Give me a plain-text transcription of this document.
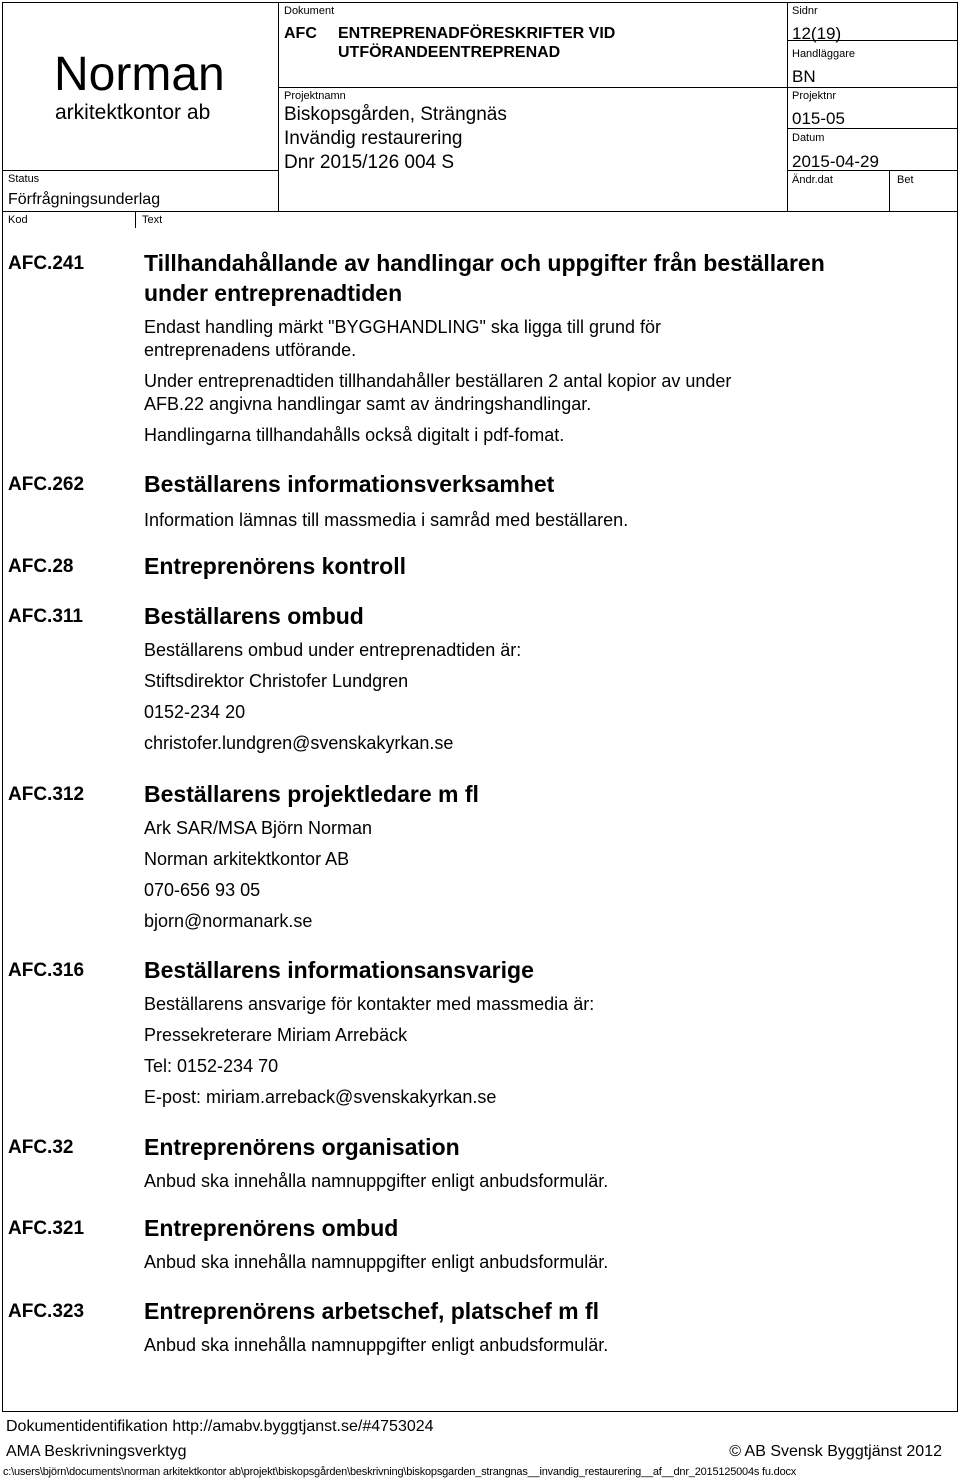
Norman
arkitektkontor ab
Status
Förfrågningsunderlag
Kod	Text
Dokument
AFC ENTREPRENADFÖRESKRIFTER VID
UTFÖRANDEENTREPRENAD
Projektnamn
Biskopsgården, Strängnäs
Invändig restaurering
Dnr 2015/126 004 S
Sidnr
12(19)
Handläggare
BN
Projektnr
015-05
Datum
2015-04-29
Ändr.dat	Bet
AFC.241	Tillhandahållande av handlingar och uppgifter från beställaren

under entreprenadtiden

Endast handling märkt "BYGGHANDLING" ska ligga till grund för

entreprenadens utförande.

Under entreprenadtiden tillhandahåller beställaren 2 antal kopior av under

AFB.22 angivna handlingar samt av ändringshandlingar.

Handlingarna tillhandahålls också digitalt i pdf-fomat.

AFC.262	Beställarens informationsverksamhet

Information lämnas till massmedia i samråd med beställaren.

AFC.28	Entreprenörens kontroll

AFC.311	Beställarens ombud

Beställarens ombud under entreprenadtiden är:

Stiftsdirektor Christofer Lundgren

0152-234 20

christofer.lundgren@svenskakyrkan.se

AFC.312	Beställarens projektledare m fl

Ark SAR/MSA Björn Norman

Norman arkitektkontor AB

070-656 93 05

bjorn@normanark.se

AFC.316	Beställarens informationsansvarige

Beställarens ansvarige för kontakter med massmedia är:

Pressekreterare Miriam Arrebäck

Tel: 0152-234 70

E-post: miriam.arreback@svenskakyrkan.se

AFC.32	Entreprenörens organisation

Anbud ska innehålla namnuppgifter enligt anbudsformulär.

AFC.321	Entreprenörens ombud

Anbud ska innehålla namnuppgifter enligt anbudsformulär.

AFC.323	Entreprenörens arbetschef, platschef m fl

Anbud ska innehålla namnuppgifter enligt anbudsformulär.

Dokumentidentifikation http://amabv.byggtjanst.se/#4753024
AMA Beskrivningsverktyg	© AB Svensk Byggtjänst 2012
c:\users\björn\documents\norman arkitektkontor ab\projekt\biskopsgården\beskrivning\biskopsgarden_strangnas__invandig_restaurering__af__dnr_2015125004s fu.docx
